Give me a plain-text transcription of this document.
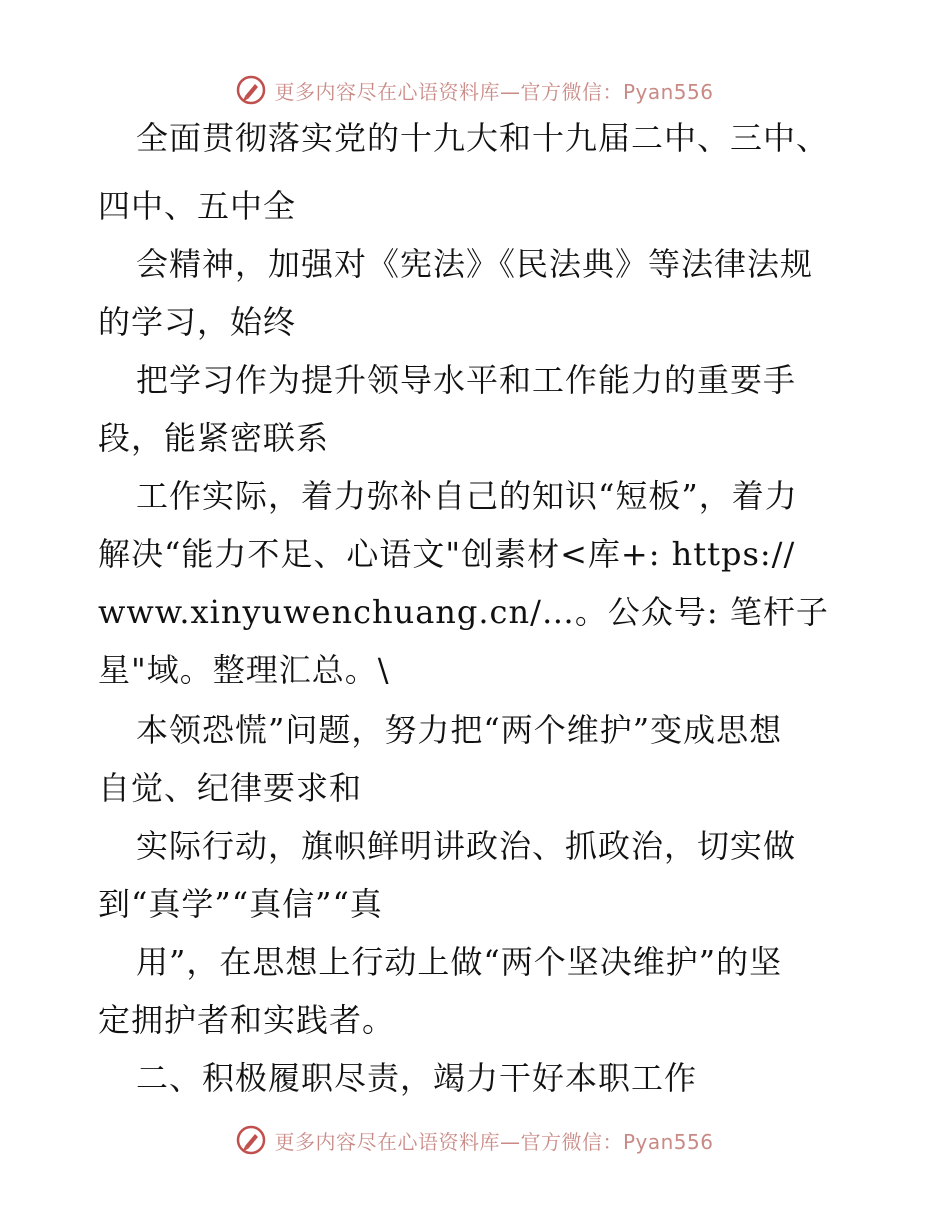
更多内容尽在心语资料库—官方微信：Pyan556
全面贯彻落实党的十九大和十九届二中、三中、
四中、五中全
会精神，加强对《宪法》《民法典》等法律法规
的学习，始终
把学习作为提升领导水平和工作能力的重要手
段，能紧密联系
工作实际，着力弥补自己的知识“短板”，着力
解决“能力不足、心语文"创素材<库+: https://
www.xinyuwenchuang.cn/…。公众号: 笔杆子
星"域。整理汇总。\
本领恐慌”问题，努力把“两个维护”变成思想
自觉、纪律要求和
实际行动，旗帜鲜明讲政治、抓政治，切实做
到“真学”“真信”“真
用”，在思想上行动上做“两个坚决维护”的坚
定拥护者和实践者。
二、积极履职尽责，竭力干好本职工作
更多内容尽在心语资料库—官方微信：Pyan556
